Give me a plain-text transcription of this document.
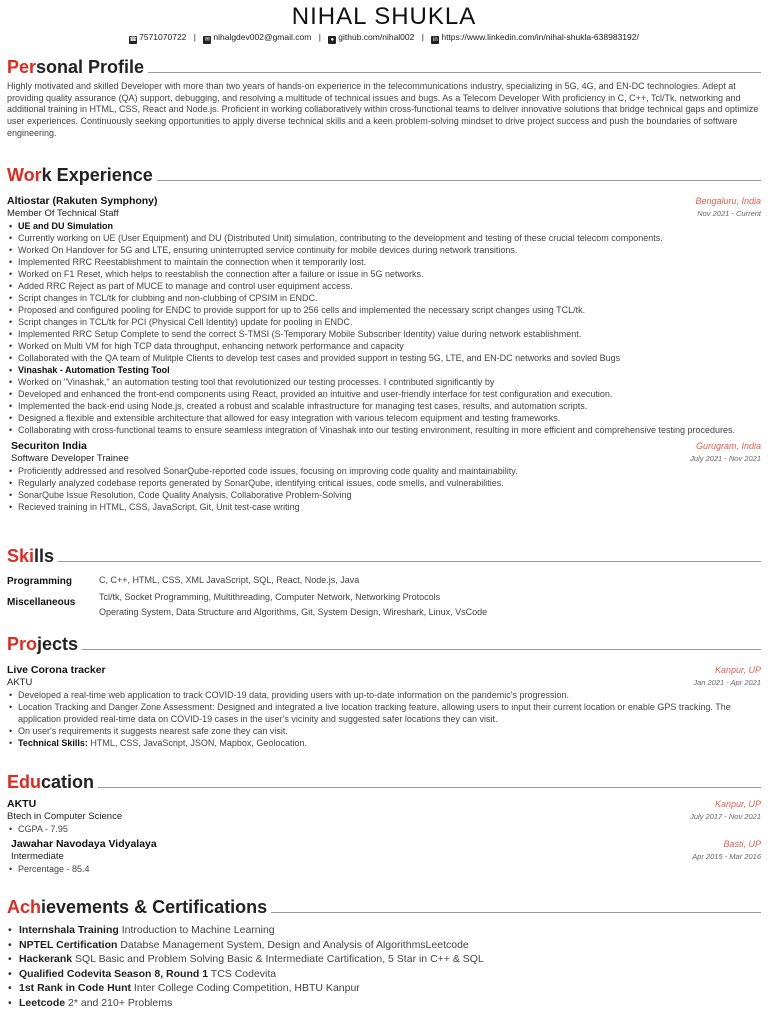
NIHAL SHUKLA
☎ 7571070722 | ✉ nihalgdev002@gmail.com | ● github.com/nihal002 | in https://www.linkedin.com/in/nihal-shukla-638983192/
Per sonal Profile
Highly motivated and skilled Developer with more than two years of hands-on experience in the telecommunications industry, specializing in 5G, 4G, and EN-DC technologies. Adept at providing quality assurance (QA) support, debugging, and resolving a multitude of technical issues and bugs. As a Telecom Developer With proficiency in C, C++, Tcl/Tk, networking and additional training in HTML, CSS, React and Node.js. Proficient in working collaboratively within cross-functional teams to deliver innovative solutions that bridge technical gaps and optimize user experiences. Continuously seeking opportunities to apply diverse technical skills and a keen problem-solving mindset to drive project success and push the boundaries of software engineering.
Wor k Experience
Altiostar (Rakuten Symphony)	Bengaluru, India
Member Of Technical Staff	Nov 2021 - Current
• UE and DU Simulation
• Currently working on UE (User Equipment) and DU (Distributed Unit) simulation, contributing to the development and testing of these crucial telecom components.
• Worked On Handover for 5G and LTE, ensuring uninterrupted service continuity for mobile devices during network transitions.
• Implemented RRC Reestablishment to maintain the connection when it temporarily lost.
• Worked on F1 Reset, which helps to reestablish the connection after a failure or issue in 5G networks.
• Added RRC Reject as part of MUCE to manage and control user equipment access.
• Script changes in TCL/tk for clubbing and non-clubbing of CPSIM in ENDC.
• Proposed and configured pooling for ENDC to provide support for up to 256 cells and implemented the necessary script changes using TCL/tk.
• Script changes in TCL/tk for PCI (Physical Cell Identity) update for pooling in ENDC.
• Implemented RRC Setup Complete to send the correct S-TMSI (S-Temporary Mobile Subscriber Identity) value during network establishment.
• Worked on Multi VM for high TCP data throughput, enhancing network performance and capacity
• Collaborated with the QA team of Mulitple Clients to develop test cases and provided support in testing 5G, LTE, and EN-DC networks and sovled Bugs
• Vinashak - Automation Testing Tool
• Worked on "Vinashak," an automation testing tool that revolutionized our testing processes. I contributed significantly by
• Developed and enhanced the front-end components using React, provided an intuitive and user-friendly interface for test configuration and execution.
• Implemented the back-end using Node.js, created a robust and scalable infrastructure for managing test cases, results, and automation scripts.
• Designed a flexible and extensible architecture that allowed for easy integration with various telecom equipment and testing frameworks.
• Collaborating with cross-functional teams to ensure seamless integration of Vinashak into our testing environment, resulting in more efficient and comprehensive testing procedures.
Securiton India	Gurugram, India
Software Developer Trainee	July 2021 - Nov 2021
• Proficiently addressed and resolved SonarQube-reported code issues, focusing on improving code quality and maintainability.
• Regularly analyzed codebase reports generated by SonarQube, identifying critical issues, code smells, and vulnerabilities.
• SonarQube Issue Resolution, Code Quality Analysis, Collaborative Problem-Solving
• Recieved training in HTML, CSS, JavaScript, Git, Unit test-case writing
Ski lls
Programming	C, C++, HTML, CSS, XML JavaScript, SQL, React, Node.js, Java
Miscellaneous	Tcl/tk, Socket Programming, Multithreading, Computer Network, Networking Protocols
Operating System, Data Structure and Algorithms, Git, System Design, Wireshark, Linux, VsCode
Pro jects
Live Corona tracker	Kanpur, UP
AKTU	Jan 2021 - Apr 2021
• Developed a real-time web application to track COVID-19 data, providing users with up-to-date information on the pandemic's progression.
• Location Tracking and Danger Zone Assessment: Designed and integrated a live location tracking feature, allowing users to input their current location or enable GPS tracking. The application provided real-time data on COVID-19 cases in the user's vicinity and suggested safer locations they can visit.
• On user's requirements it suggests nearest safe zone they can visit.
• Technical Skills: HTML, CSS, JavaScript, JSON, Mapbox, Geolocation.
Edu cation
AKTU	Kanpur, UP
Btech in Computer Science	July 2017 - Nov 2021
• CGPA - 7.95
Jawahar Navodaya Vidyalaya	Basti, UP
Intermediate	Apr 2015 - Mar 2016
• Percentage - 85.4
Ach ievements & Certifications
• Internshala Training Introduction to Machine Learning
• NPTEL Certification Databse Management System, Design and Analysis of AlgorithmsLeetcode
• Hackerank SQL Basic and Problem Solving Basic & Intermediate Cartification, 5 Star in C++ & SQL
• Qualified Codevita Season 8, Round 1 TCS Codevita
• 1st Rank in Code Hunt Inter College Coding Competition, HBTU Kanpur
• Leetcode 2* and 210+ Problems
